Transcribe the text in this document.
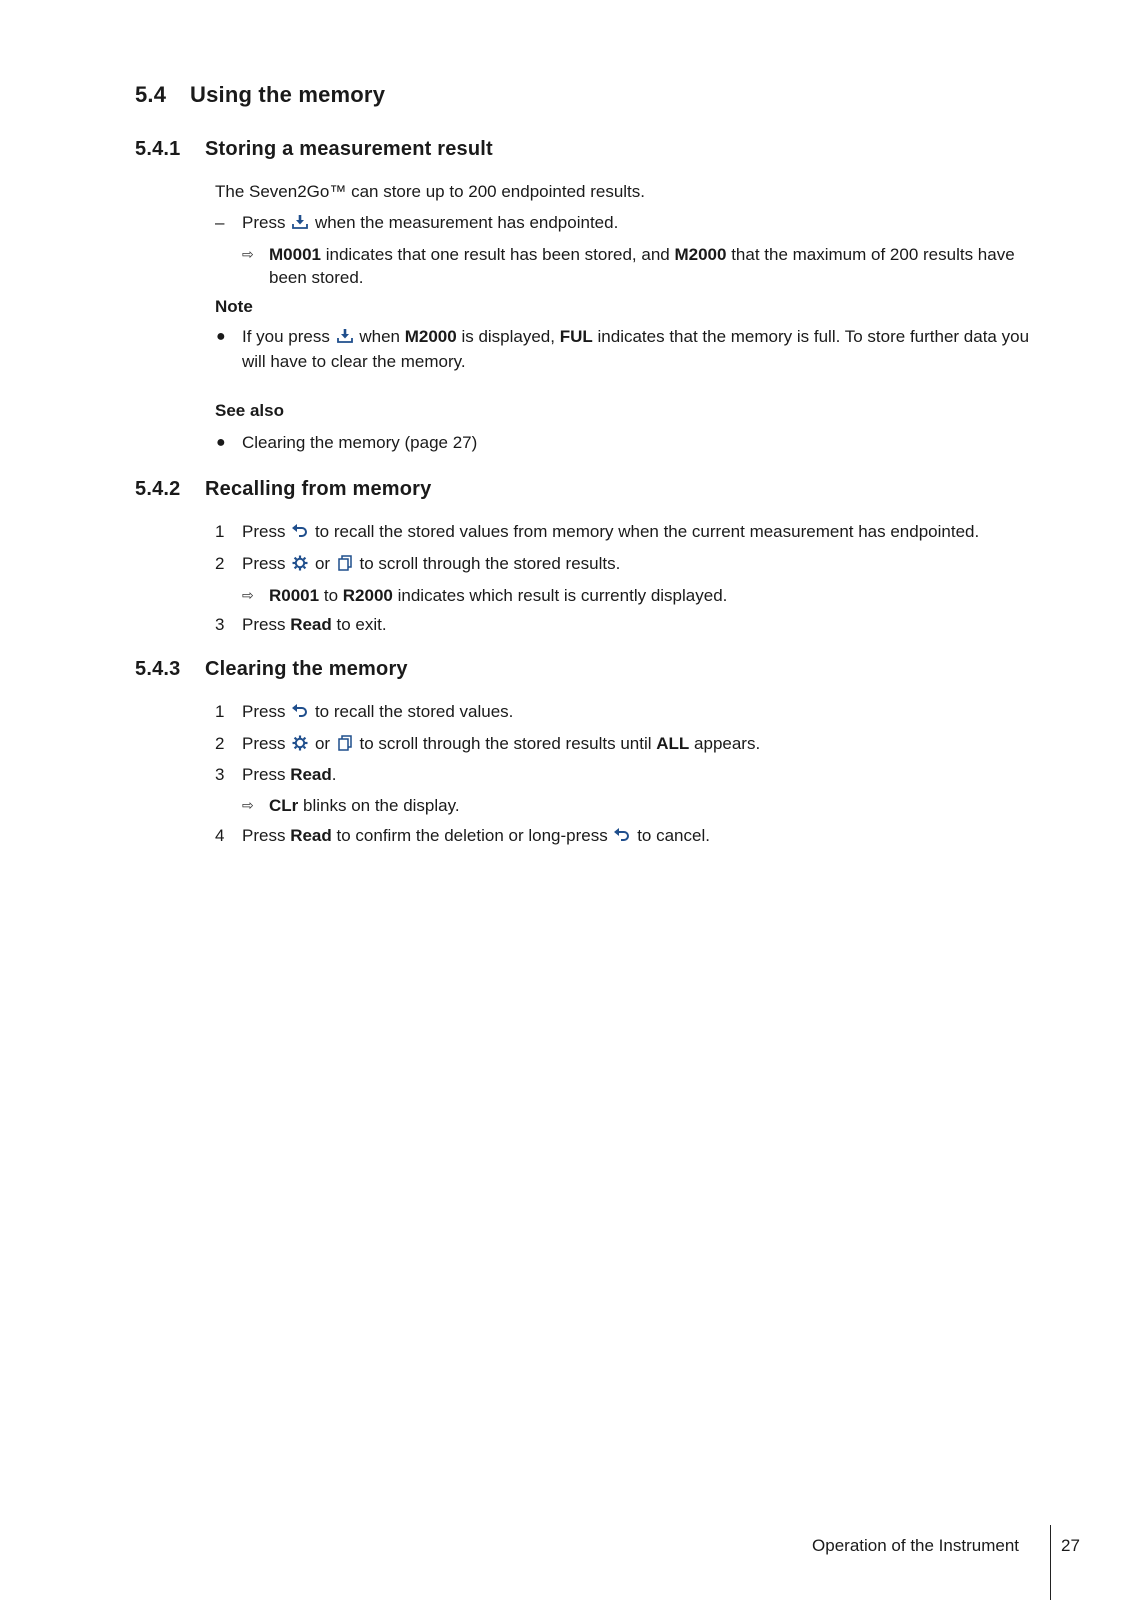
5.4 Using the memory
5.4.1 Storing a measurement result
The Seven2Go™ can store up to 200 endpointed results.
– Press when the measurement has endpointed.
⇨ M0001 indicates that one result has been stored, and M2000 that the maximum of 200 results have
been stored.
Note
● If you press when M2000 is displayed, FUL indicates that the memory is full. To store further data you
will have to clear the memory.
See also
● Clearing the memory (page 27)
5.4.2 Recalling from memory
1 Press to recall the stored values from memory when the current measurement has endpointed.
2 Press or to scroll through the stored results.
⇨ R0001 to R2000 indicates which result is currently displayed.
3 Press Read to exit.
5.4.3 Clearing the memory
1 Press to recall the stored values.
2 Press or to scroll through the stored results until ALL appears.
3 Press Read.
⇨ CLr blinks on the display.
4 Press Read to confirm the deletion or long-press to cancel.
Operation of the Instrument 27
